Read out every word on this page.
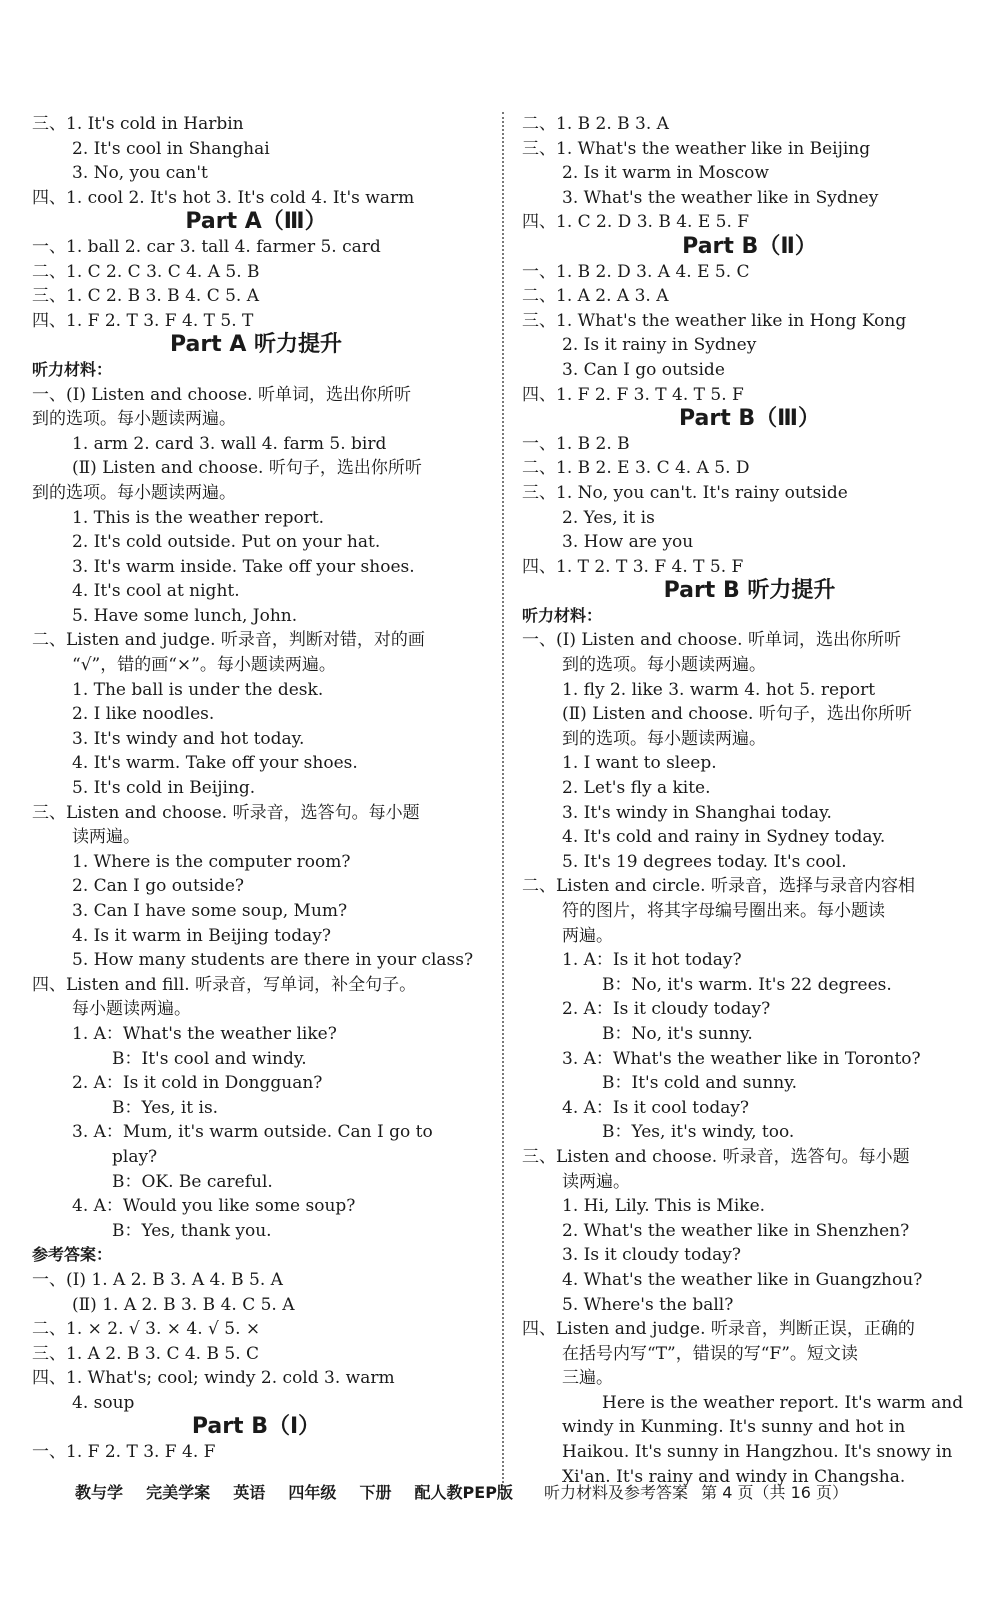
三、1. It's cold in Harbin
2. It's cool in Shanghai
3. No, you can't
四、1. cool 2. It's hot 3. It's cold 4. It's warm
Part A（Ⅲ）
一、1. ball 2. car 3. tall 4. farmer 5. card
二、1. C 2. C 3. C 4. A 5. B
三、1. C 2. B 3. B 4. C 5. A
四、1. F 2. T 3. F 4. T 5. T
Part A 听力提升
听力材料：
一、(Ⅰ) Listen and choose. 听单词，选出你所听
到的选项。每小题读两遍。
1. arm 2. card 3. wall 4. farm 5. bird
(Ⅱ) Listen and choose. 听句子，选出你所听
到的选项。每小题读两遍。
1. This is the weather report.
2. It's cold outside. Put on your hat.
3. It's warm inside. Take off your shoes.
4. It's cool at night.
5. Have some lunch, John.
二、Listen and judge. 听录音，判断对错，对的画
“√”，错的画“×”。每小题读两遍。
1. The ball is under the desk.
2. I like noodles.
3. It's windy and hot today.
4. It's warm. Take off your shoes.
5. It's cold in Beijing.
三、Listen and choose. 听录音，选答句。每小题
读两遍。
1. Where is the computer room?
2. Can I go outside?
3. Can I have some soup, Mum?
4. Is it warm in Beijing today?
5. How many students are there in your class?
四、Listen and fill. 听录音，写单词，补全句子。
每小题读两遍。
1. A：What's the weather like?
B：It's cool and windy.
2. A：Is it cold in Dongguan?
B：Yes, it is.
3. A：Mum, it's warm outside. Can I go to
play?
B：OK. Be careful.
4. A：Would you like some soup?
B：Yes, thank you.
参考答案：
一、(Ⅰ) 1. A 2. B 3. A 4. B 5. A
(Ⅱ) 1. A 2. B 3. B 4. C 5. A
二、1. × 2. √ 3. × 4. √ 5. ×
三、1. A 2. B 3. C 4. B 5. C
四、1. What's; cool; windy 2. cold 3. warm
4. soup
Part B（Ⅰ）
一、1. F 2. T 3. F 4. F
二、1. B 2. B 3. A
三、1. What's the weather like in Beijing
2. Is it warm in Moscow
3. What's the weather like in Sydney
四、1. C 2. D 3. B 4. E 5. F
Part B（Ⅱ）
一、1. B 2. D 3. A 4. E 5. C
二、1. A 2. A 3. A
三、1. What's the weather like in Hong Kong
2. Is it rainy in Sydney
3. Can I go outside
四、1. F 2. F 3. T 4. T 5. F
Part B（Ⅲ）
一、1. B 2. B
二、1. B 2. E 3. C 4. A 5. D
三、1. No, you can't. It's rainy outside
2. Yes, it is
3. How are you
四、1. T 2. T 3. F 4. T 5. F
Part B 听力提升
听力材料：
一、(Ⅰ) Listen and choose. 听单词，选出你所听
到的选项。每小题读两遍。
1. fly 2. like 3. warm 4. hot 5. report
(Ⅱ) Listen and choose. 听句子，选出你所听
到的选项。每小题读两遍。
1. I want to sleep.
2. Let's fly a kite.
3. It's windy in Shanghai today.
4. It's cold and rainy in Sydney today.
5. It's 19 degrees today. It's cool.
二、Listen and circle. 听录音，选择与录音内容相
符的图片，将其字母编号圈出来。每小题读
两遍。
1. A：Is it hot today?
B：No, it's warm. It's 22 degrees.
2. A：Is it cloudy today?
B：No, it's sunny.
3. A：What's the weather like in Toronto?
B：It's cold and sunny.
4. A：Is it cool today?
B：Yes, it's windy, too.
三、Listen and choose. 听录音，选答句。每小题
读两遍。
1. Hi, Lily. This is Mike.
2. What's the weather like in Shenzhen?
3. Is it cloudy today?
4. What's the weather like in Guangzhou?
5. Where's the ball?
四、Listen and judge. 听录音，判断正误，正确的
在括号内写“T”，错误的写“F”。短文读
三遍。
Here is the weather report. It's warm and
windy in Kunming. It's sunny and hot in
Haikou. It's sunny in Hangzhou. It's snowy in
Xi'an. It's rainy and windy in Changsha.
教与学 完美学案 英语 四年级 下册 配人教PEP版 听力材料及参考答案 第 4 页（共 16 页）
